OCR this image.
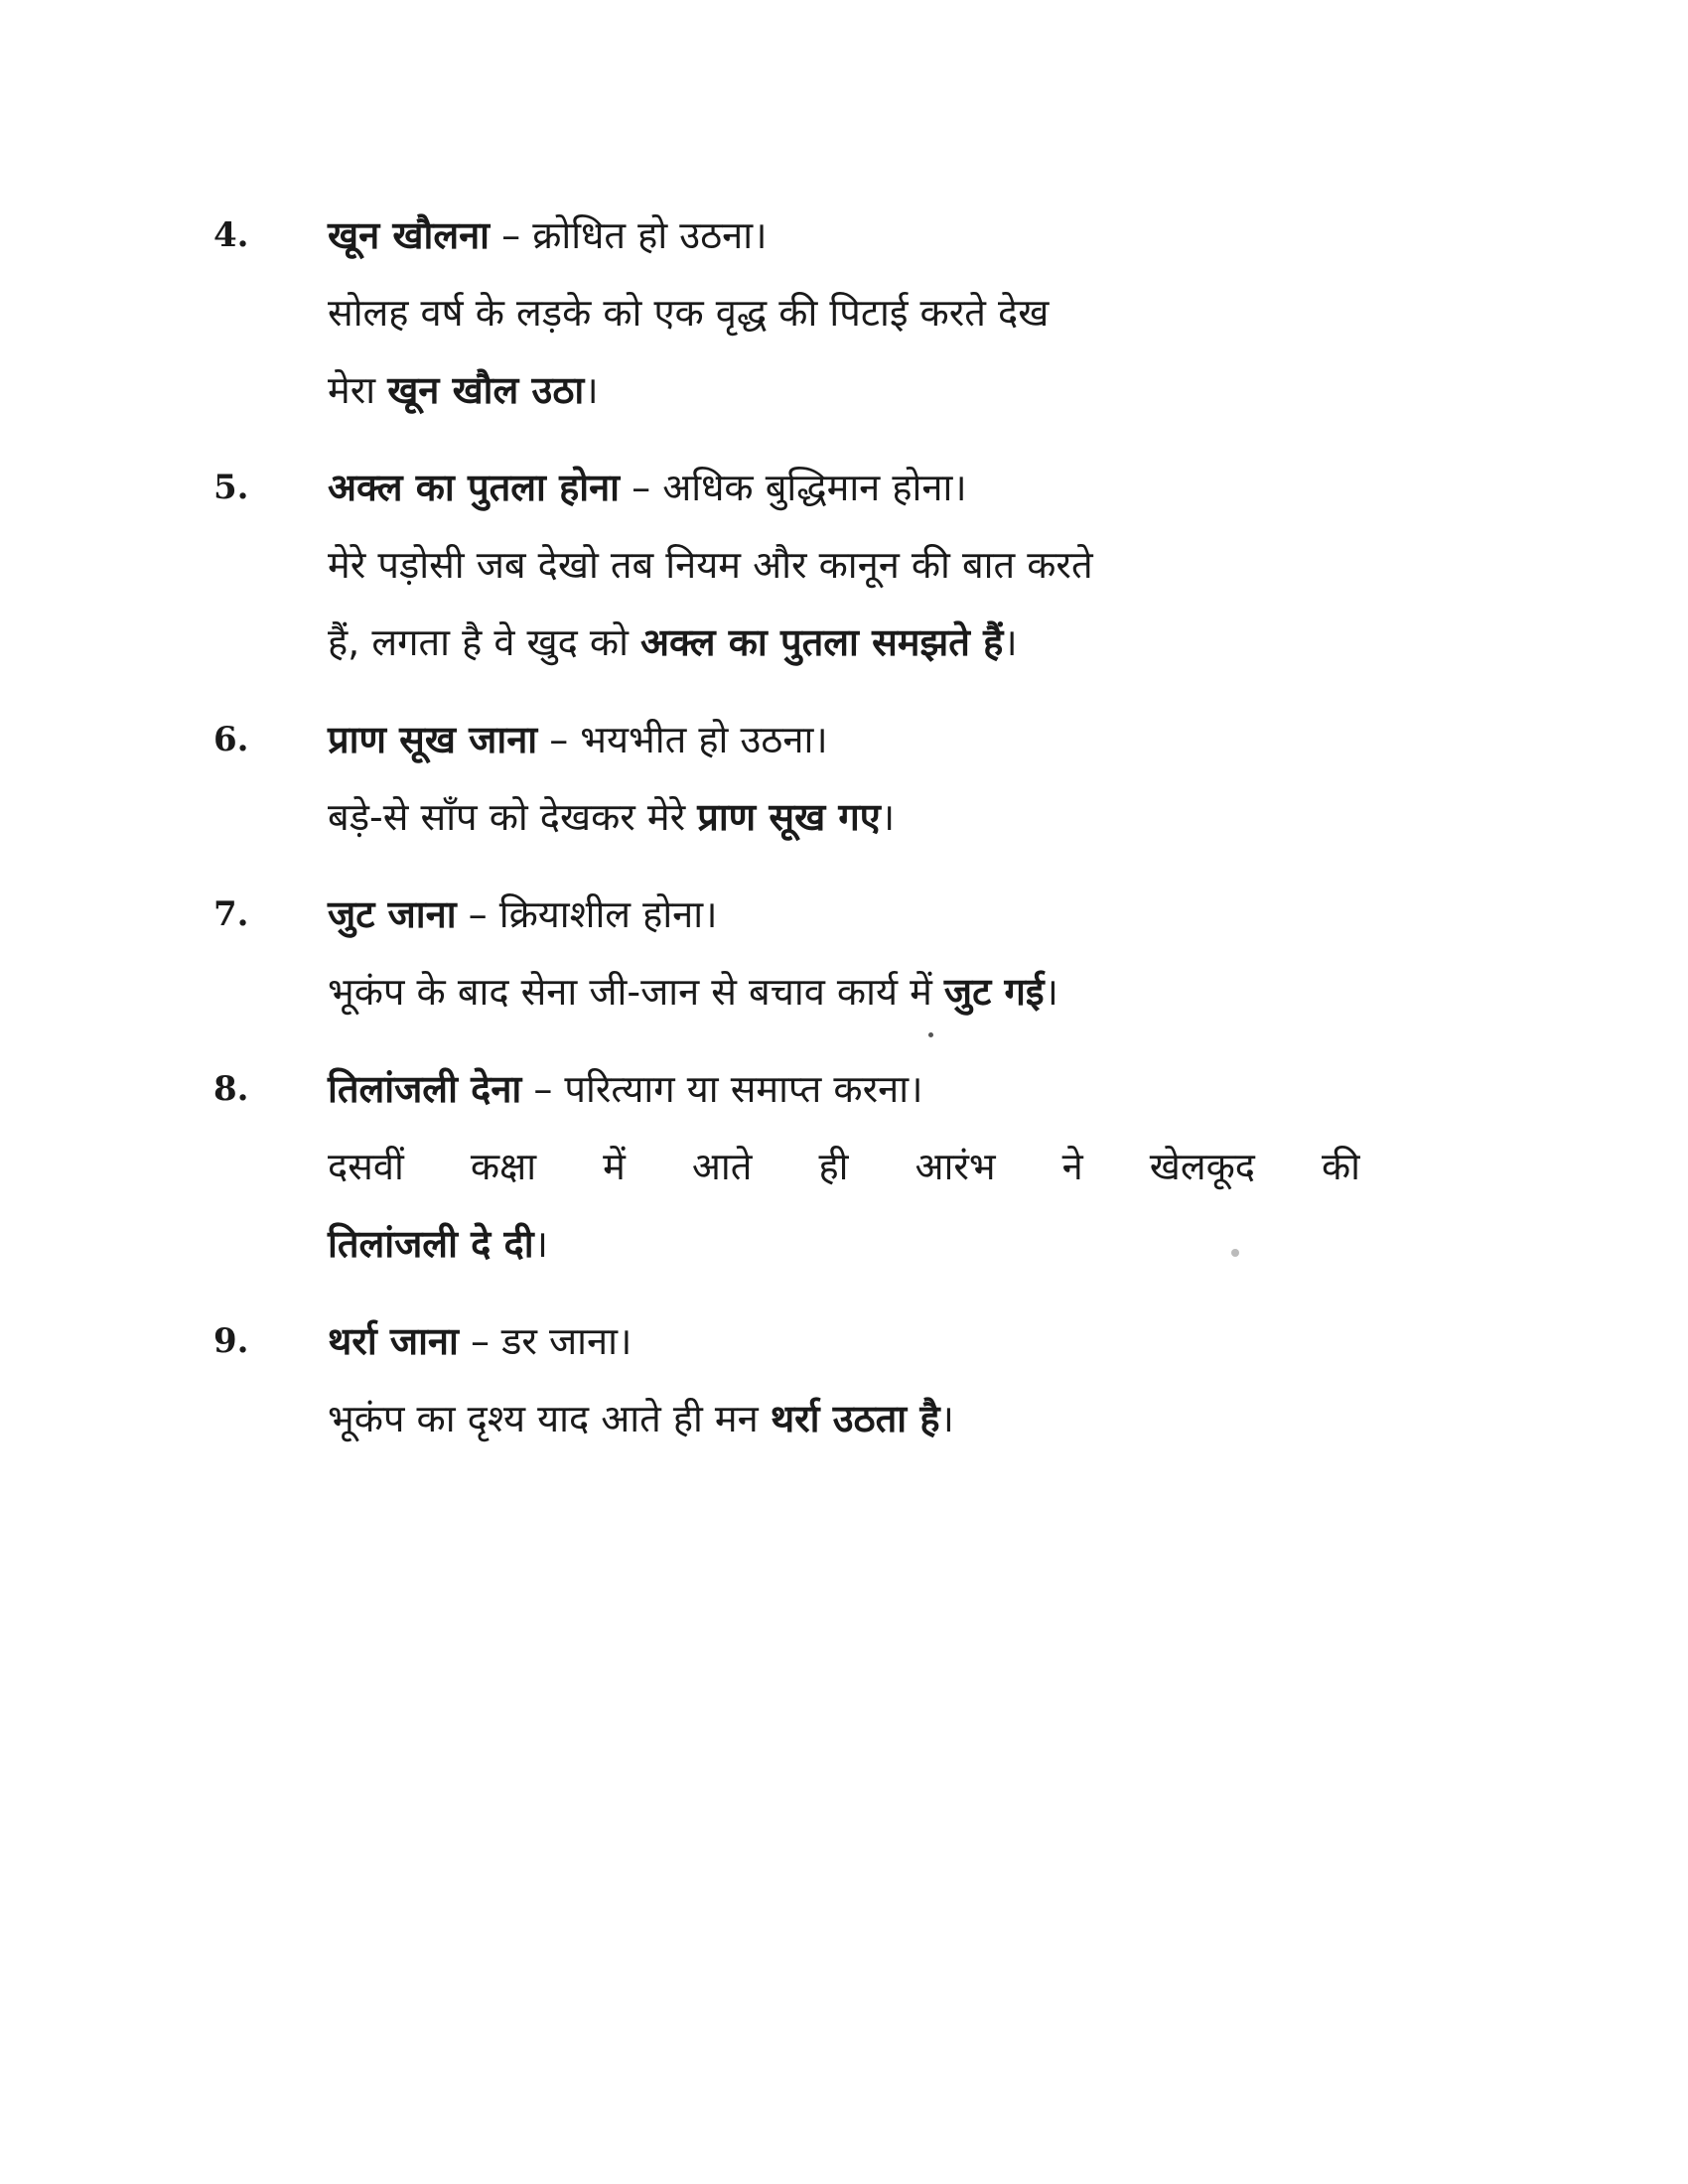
4.	खून खौलना – क्रोधित हो उठना।
सोलह वर्ष के लड़के को एक वृद्ध की पिटाई करते देख
मेरा खून खौल उठा।
5.	अक्ल का पुतला होना – अधिक बुद्धिमान होना।
मेरे पड़ोसी जब देखो तब नियम और कानून की बात करते
हैं, लगता है वे खुद को अक्ल का पुतला समझते हैं।
6.	प्राण सूख जाना – भयभीत हो उठना।
बड़े-से साँप को देखकर मेरे प्राण सूख गए।
7.	जुट जाना – क्रियाशील होना।
भूकंप के बाद सेना जी-जान से बचाव कार्य में जुट गई।
8.	तिलांजली देना – परित्याग या समाप्त करना।
दसवीं कक्षा में आते ही आरंभ ने खेलकूद की
तिलांजली दे दी।
9.	थर्रा जाना – डर जाना।
भूकंप का दृश्य याद आते ही मन थर्रा उठता है।
